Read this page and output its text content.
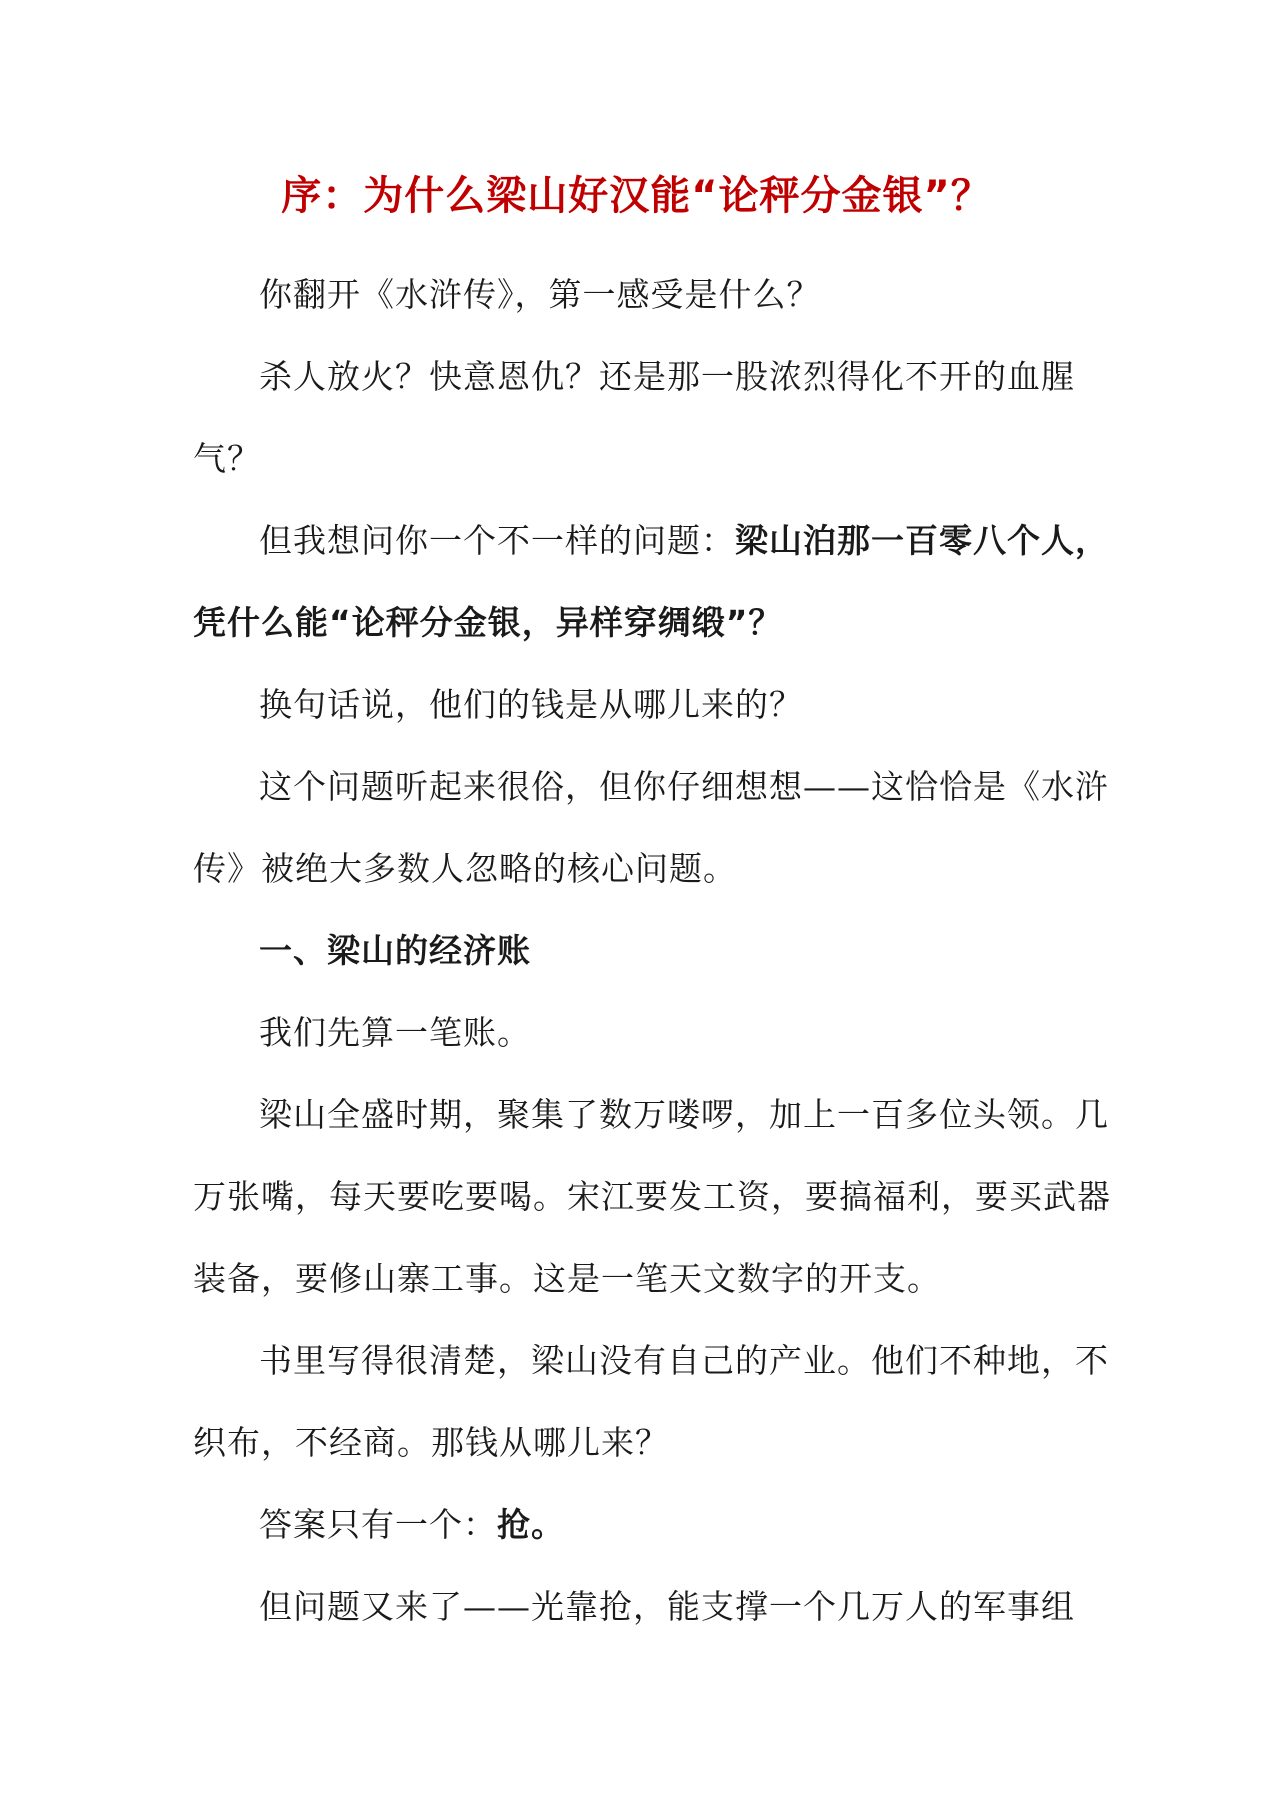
序：为什么梁山好汉能“论秤分金银”？

你翻开《水浒传》，第一感受是什么？

杀人放火？快意恩仇？还是那一股浓烈得化不开的血腥气？

但我想问你一个不一样的问题：梁山泊那一百零八个人，凭什么能“论秤分金银，异样穿绸缎”？

换句话说，他们的钱是从哪儿来的？

这个问题听起来很俗，但你仔细想想——这恰恰是《水浒传》被绝大多数人忽略的核心问题。

一、梁山的经济账

我们先算一笔账。

梁山全盛时期，聚集了数万喽啰，加上一百多位头领。几万张嘴，每天要吃要喝。宋江要发工资，要搞福利，要买武器装备，要修山寨工事。这是一笔天文数字的开支。

书里写得很清楚，梁山没有自己的产业。他们不种地，不织布，不经商。那钱从哪儿来？

答案只有一个：抢。

但问题又来了——光靠抢，能支撑一个几万人的军事组
